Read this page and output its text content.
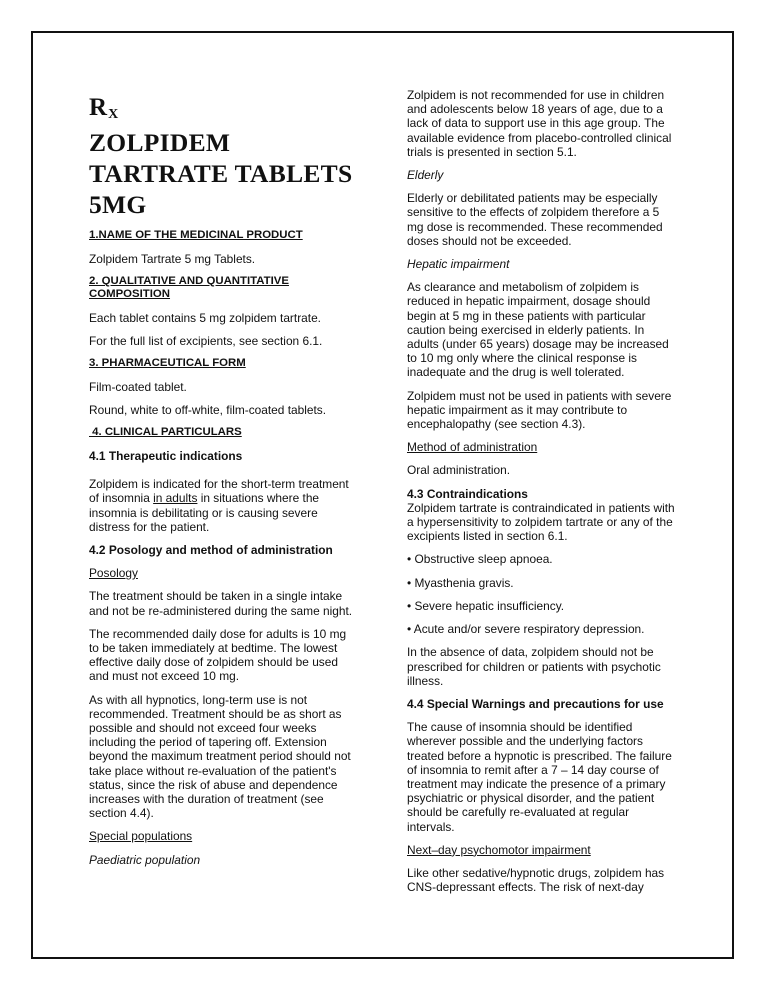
$R_X$
ZOLPIDEM
TARTRATE TABLETS
5MG

1.NAME OF THE MEDICINAL PRODUCT

Zolpidem Tartrate 5 mg Tablets.

2. QUALITATIVE AND QUANTITATIVE COMPOSITION

Each tablet contains 5 mg zolpidem tartrate.

For the full list of excipients, see section 6.1.

3. PHARMACEUTICAL FORM

Film-coated tablet.

Round, white to off-white, film-coated tablets.

4. CLINICAL PARTICULARS

4.1 Therapeutic indications

Zolpidem is indicated for the short-term treatment of insomnia in adults in situations where the insomnia is debilitating or is causing severe distress for the patient.

4.2 Posology and method of administration

Posology

The treatment should be taken in a single intake and not be re-administered during the same night.

The recommended daily dose for adults is 10 mg to be taken immediately at bedtime. The lowest effective daily dose of zolpidem should be used and must not exceed 10 mg.

As with all hypnotics, long-term use is not recommended. Treatment should be as short as possible and should not exceed four weeks including the period of tapering off. Extension beyond the maximum treatment period should not take place without re-evaluation of the patient's status, since the risk of abuse and dependence increases with the duration of treatment (see section 4.4).

Special populations

Paediatric population

Zolpidem is not recommended for use in children and adolescents below 18 years of age, due to a lack of data to support use in this age group. The available evidence from placebo-controlled clinical trials is presented in section 5.1.

Elderly

Elderly or debilitated patients may be especially sensitive to the effects of zolpidem therefore a 5 mg dose is recommended. These recommended doses should not be exceeded.

Hepatic impairment

As clearance and metabolism of zolpidem is reduced in hepatic impairment, dosage should begin at 5 mg in these patients with particular caution being exercised in elderly patients. In adults (under 65 years) dosage may be increased to 10 mg only where the clinical response is inadequate and the drug is well tolerated.

Zolpidem must not be used in patients with severe hepatic impairment as it may contribute to encephalopathy (see section 4.3).

Method of administration

Oral administration.

4.3 Contraindications

Zolpidem tartrate is contraindicated in patients with a hypersensitivity to zolpidem tartrate or any of the excipients listed in section 6.1.

• Obstructive sleep apnoea.

• Myasthenia gravis.

• Severe hepatic insufficiency.

• Acute and/or severe respiratory depression.

In the absence of data, zolpidem should not be prescribed for children or patients with psychotic illness.

4.4 Special Warnings and precautions for use

The cause of insomnia should be identified wherever possible and the underlying factors treated before a hypnotic is prescribed. The failure of insomnia to remit after a 7 – 14 day course of treatment may indicate the presence of a primary psychiatric or physical disorder, and the patient should be carefully re-evaluated at regular intervals.

Next–day psychomotor impairment

Like other sedative/hypnotic drugs, zolpidem has CNS-depressant effects. The risk of next-day
